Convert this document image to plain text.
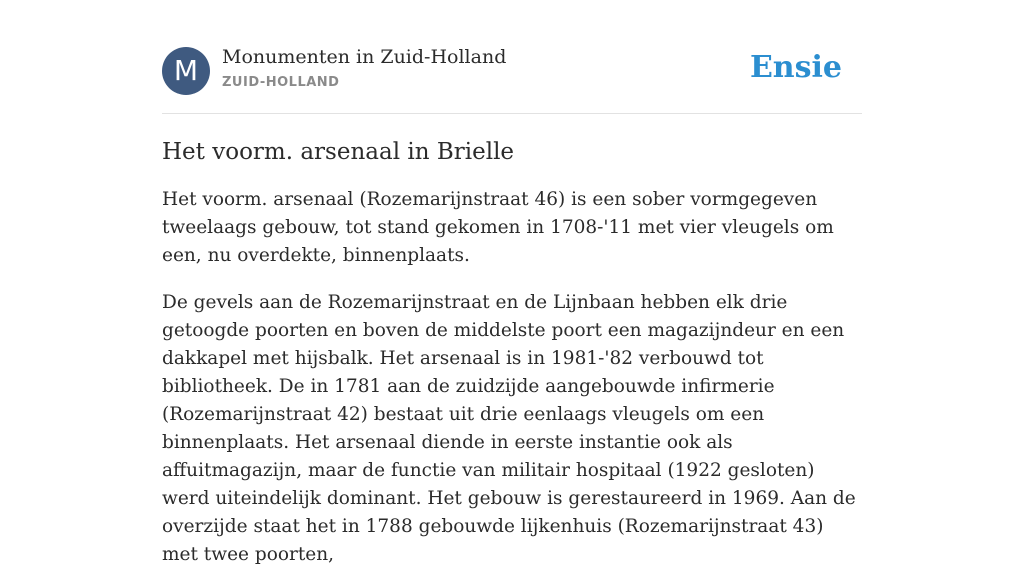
M	Monumenten in Zuid-Holland
ZUID-HOLLAND	Ensie
Het voorm. arsenaal in Brielle

Het voorm. arsenaal (Rozemarijnstraat 46) is een sober vormgegeven tweelaags gebouw, tot stand gekomen in 1708-'11 met vier vleugels om een, nu overdekte, binnenplaats.

De gevels aan de Rozemarijnstraat en de Lijnbaan hebben elk drie getoogde poorten en boven de middelste poort een magazijndeur en een dakkapel met hijsbalk. Het arsenaal is in 1981-'82 verbouwd tot bibliotheek. De in 1781 aan de zuidzijde aangebouwde infirmerie (Rozemarijnstraat 42) bestaat uit drie eenlaags vleugels om een binnenplaats. Het arsenaal diende in eerste instantie ook als affuitmagazijn, maar de functie van militair hospitaal (1922 gesloten) werd uiteindelijk dominant. Het gebouw is gerestaureerd in 1969. Aan de overzijde staat het in 1788 gebouwde lijkenhuis (Rozemarijnstraat 43) met twee poorten,
